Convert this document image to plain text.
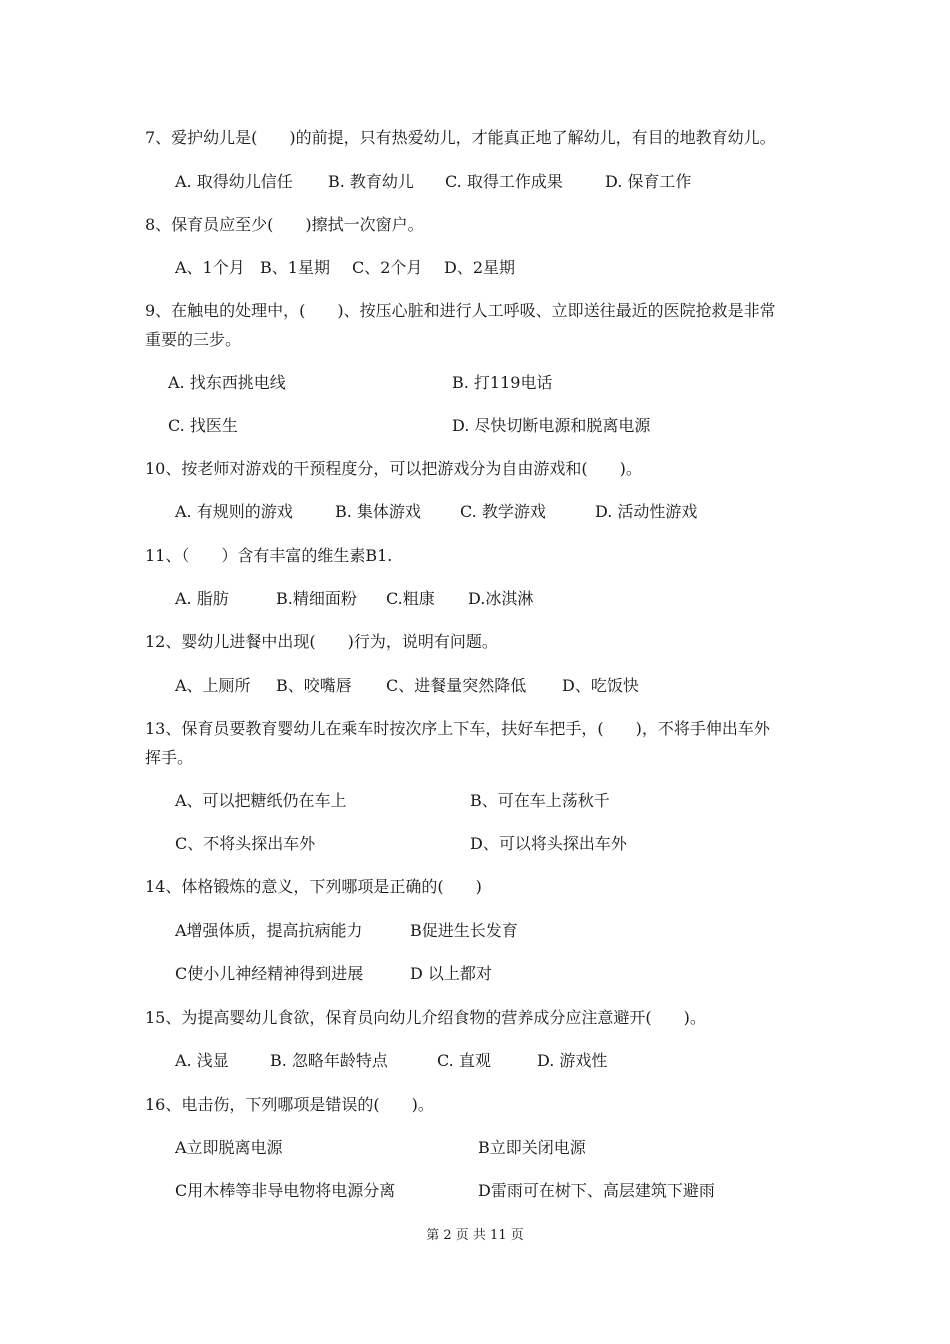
7、爱护幼儿是(　　)的前提，只有热爱幼儿，才能真正地了解幼儿，有目的地教育幼儿。
A. 取得幼儿信任 B. 教育幼儿 C. 取得工作成果	D. 保育工作
8、保育员应至少(　　)擦拭一次窗户。
A、1个月 B、1星期 C、2个月 D、2星期
9、在触电的处理中，(　　)、按压心脏和进行人工呼吸、立即送往最近的医院抢救是非常
重要的三步。
A. 找东西挑电线	B. 打119电话
C. 找医生	D. 尽快切断电源和脱离电源
10、按老师对游戏的干预程度分，可以把游戏分为自由游戏和(　　)。
A. 有规则的游戏	B. 集体游戏 C. 教学游戏	D. 活动性游戏
11、（　　）含有丰富的维生素B1.
A. 脂肪	B.精细面粉 C.粗康 D.冰淇淋
12、婴幼儿进餐中出现(　　)行为，说明有问题。
A、上厕所 B、咬嘴唇 C、进餐量突然降低 D、吃饭快
13、保育员要教育婴幼儿在乘车时按次序上下车，扶好车把手，(　　)，不将手伸出车外
挥手。
A、可以把糖纸仍在车上	B、可在车上荡秋千
C、不将头探出车外	D、可以将头探出车外
14、体格锻炼的意义，下列哪项是正确的(　　)
A增强体质，提高抗病能力	B促进生长发育
C使小儿神经精神得到进展	D 以上都对
15、为提高婴幼儿食欲，保育员向幼儿介绍食物的营养成分应注意避开(　　)。
A. 浅显	B. 忽略年龄特点	C. 直观	D. 游戏性
16、电击伤，下列哪项是错误的(　　)。
A立即脱离电源	B立即关闭电源
C用木棒等非导电物将电源分离	D雷雨可在树下、高层建筑下避雨
第 2 页 共 11 页
